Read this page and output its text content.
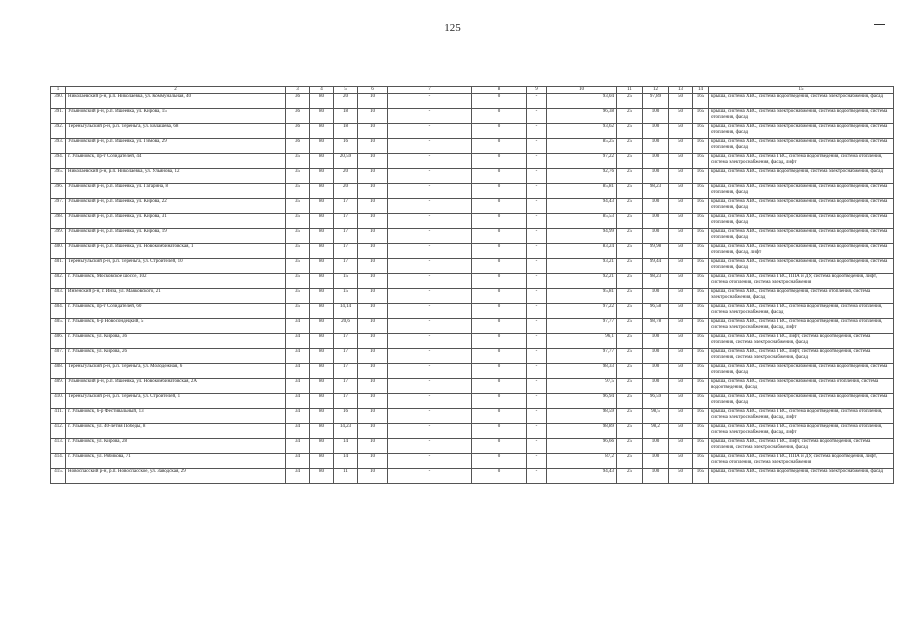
125
1	2	3	4	5	6	7	8	9	10	11	12	13	14	15
390.	Николаевский р-н, р.п. Николаевка, ул. Коммунальная, 40	36	80	20	10	-	0	-	93,04	25	97,89	50	165	крыша, система ХВС, система водоотведения, система электроснабжения, фасад
391.	Ульяновский р-н, р.п. Ишеевка, ул. Кирова, 15	36	80	18	10	-	0	-	96,38	25	100	50	165	крыша, система ХВС, система электроснабжения, система водоотведения, система отопления, фасад
392.	Тереньгульский р-н, р.п. Тереньга, ул. Евлашева, 68	36	80	18	10	-	0	-	93,62	25	100	50	165	крыша, система ХВС, система электроснабжения, система водоотведения, система отопления, фасад
393.	Ульяновский р-н, р.п. Ишеевка, ул. Гимова, 29	36	80	16	10	-	0	-	85,25	25	100	50	165	крыша, система ХВС, система электроснабжения, система водоотведения, система отопления, фасад
394.	г. Ульяновск, пр-т Созидателей, 44	35	80	20,59	10	-	0	-	97,22	25	100	50	165	крыша, система ХВС, система ГВС, система водоотведения, система отопления, система электроснабжения, фасад, лифт
395.	Николаевский р-н, р.п. Николаевка, ул. Ульянова, 12	35	80	20	10	-	0	-	92,76	25	100	50	165	крыша, система ХВС, система водоотведения, система электроснабжения, фасад
396.	Ульяновский р-н, р.п. Ишеевка, ул. Гагарина, 8	35	80	20	10	-	0	-	85,81	25	98,23	50	165	крыша, система ХВС, система электроснабжения, система водоотведения, система отопления, фасад
397.	Ульяновский р-н, р.п. Ишеевка, ул. Кирова, 22	35	80	17	10	-	0	-	94,43	25	100	50	165	крыша, система ХВС, система электроснабжения, система водоотведения, система отопления, фасад
398.	Ульяновский р-н, р.п. Ишеевка, ул. Кирова, 31	35	80	17	10	-	0	-	85,53	25	100	50	165	крыша, система ХВС, система электроснабжения, система водоотведения, система отопления, фасад
399.	Ульяновский р-н, р.п. Ишеевка, ул. Кирова, 19	35	80	17	10	-	0	-	94,99	25	100	50	165	крыша, система ХВС, система электроснабжения, система водоотведения, система отопления, фасад
400.	Ульяновский р-н, р.п. Ишеевка, ул. Новокомбинатовская, 1	35	80	17	10	-	0	-	83,24	25	99,98	50	165	крыша, система ХВС, система электроснабжения, система водоотведения, система отопления, фасад, лифт
401.	Тереньгульский р-н, р.п. Тереньга, ул. Строителей, 10	35	80	17	10	-	0	-	93,21	25	99,44	50	165	крыша, система ХВС, система электроснабжения, система водоотведения, система отопления, фасад
402.	г. Ульяновск, Московское шоссе, 102	35	80	15	10	-	0	-	92,21	25	98,23	50	165	крыша, система ХВС, система ГВС, ППА и ДУ, система водоотведения, лифт, система отопления, система электроснабжения
403.	Инзенский р-н, г. Инза, ул. Маяковского, 21	35	80	15	10	-	0	-	95,81	25	100	50	165	крыша, система ХВС, система водоотведения, система отопления, система электроснабжения, фасад
404.	г. Ульяновск, пр-т Созидателей, 60	35	80	14,14	10	-	0	-	97,22	25	96,58	50	165	крыша, система ХВС, система ГВС, система водоотведения, система отопления, система электроснабжения, фасад
405.	г. Ульяновск, б-р Новосондецкий, 5	34	80	20,6	10	-	0	-	97,77	25	98,78	50	165	крыша, система ХВС, система ГВС, система водоотведения, система отопления, система электроснабжения, фасад, лифт
406.	г. Ульяновск, ул. Кирова, 36	34	80	17	10	-	0	-	96,1	25	100	50	165	крыша, система ХВС, система ГВС, лифт, система водоотведения, система отопления, система электроснабжения, фасад
407.	г. Ульяновск, ул. Кирова, 26	34	80	17	10	-	0	-	97,77	25	100	50	165	крыша, система ХВС, система ГВС, лифт, система водоотведения, система отопления, система электроснабжения, фасад
408.	Тереньгульский р-н, р.п. Тереньга, ул. Молодёжная, 6	34	80	17	10	-	0	-	98,33	25	100	50	165	крыша, система ХВС, система электроснабжения, система водоотведения, система отопления, фасад
409.	Ульяновский р-н, р.п. Ишеевка, ул. Новокомбинатовская, 2А	34	80	17	10	-	0	-	97,5	25	100	50	165	крыша, система ХВС, система электроснабжения, система отопления, система водоотведения, фасад
410.	Тереньгульский р-н, р.п. Тереньга, ул. Строителей, 1	34	80	17	10	-	0	-	96,94	25	96,59	50	165	крыша, система ХВС, система электроснабжения, система водоотведения, система отопления, фасад
411.	г. Ульяновск, б-р Фестивальный, 13	34	80	16	10	-	0	-	98,59	25	98,5	50	165	крыша, система ХВС, система ГВС, система водоотведения, система отопления, система электроснабжения, фасад, лифт
412.	г. Ульяновск, ул. 40-летия Победы, 8	34	80	14,23	10	-	0	-	98,89	25	98,2	50	165	крыша, система ХВС, система ГВС, система водоотведения, система отопления, система электроснабжения, фасад, лифт
413.	г. Ульяновск, ул. Кирова, 28	34	80	14	10	-	0	-	96,66	25	100	50	165	крыша, система ХВС, система ГВС, лифт, система водоотведения, система отопления, система электроснабжения, фасад
414.	г. Ульяновск, ул. Рябикова, 71	34	80	14	10	-	0	-	87,2	25	100	50	165	крыша, система ХВС, система ГВС, ППА и ДУ, система водоотведения, лифт, система отопления, система электроснабжения
415.	Новоспасский р-н, р.п. Новоспасское, ул. Заводская, 29	34	80	11	10	-	0	-	94,43	25	100	50	165	крыша, система ХВС, система водоотведения, система электроснабжения, фасад
